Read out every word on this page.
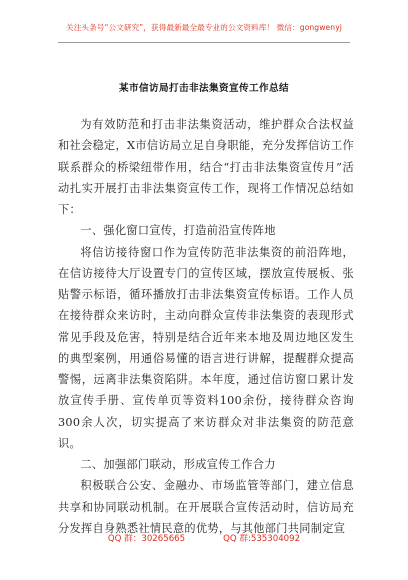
关注头条号“公文研究”，获得最新最全最专业的公文资料库！ 微信：gongwenyj
某市信访局打击非法集资宣传工作总结

为有效防范和打击非法集资活动，维护群众合法权益和社会稳定，X市信访局立足自身职能，充分发挥信访工作联系群众的桥梁纽带作用，结合“打击非法集资宣传月”活动扎实开展打击非法集资宣传工作，现将工作情况总结如下：

一、强化窗口宣传，打造前沿宣传阵地

将信访接待窗口作为宣传防范非法集资的前沿阵地，在信访接待大厅设置专门的宣传区域，摆放宣传展板、张贴警示标语，循环播放打击非法集资宣传标语。工作人员在接待群众来访时，主动向群众宣传非法集资的表现形式常见手段及危害，特别是结合近年来本地及周边地区发生的典型案例，用通俗易懂的语言进行讲解，提醒群众提高警惕，远离非法集资陷阱。本年度，通过信访窗口累计发放宣传手册、宣传单页等资料100余份，接待群众咨询300余人次，切实提高了来访群众对非法集资的防范意识。

二、加强部门联动，形成宣传工作合力

积极联合公安、金融办、市场监管等部门，建立信息共享和协同联动机制。在开展联合宣传活动时，信访局充分发挥自身熟悉社情民意的优势，与其他部门共同制定宣

QQ 群：30265665	QQ 群:535304092
